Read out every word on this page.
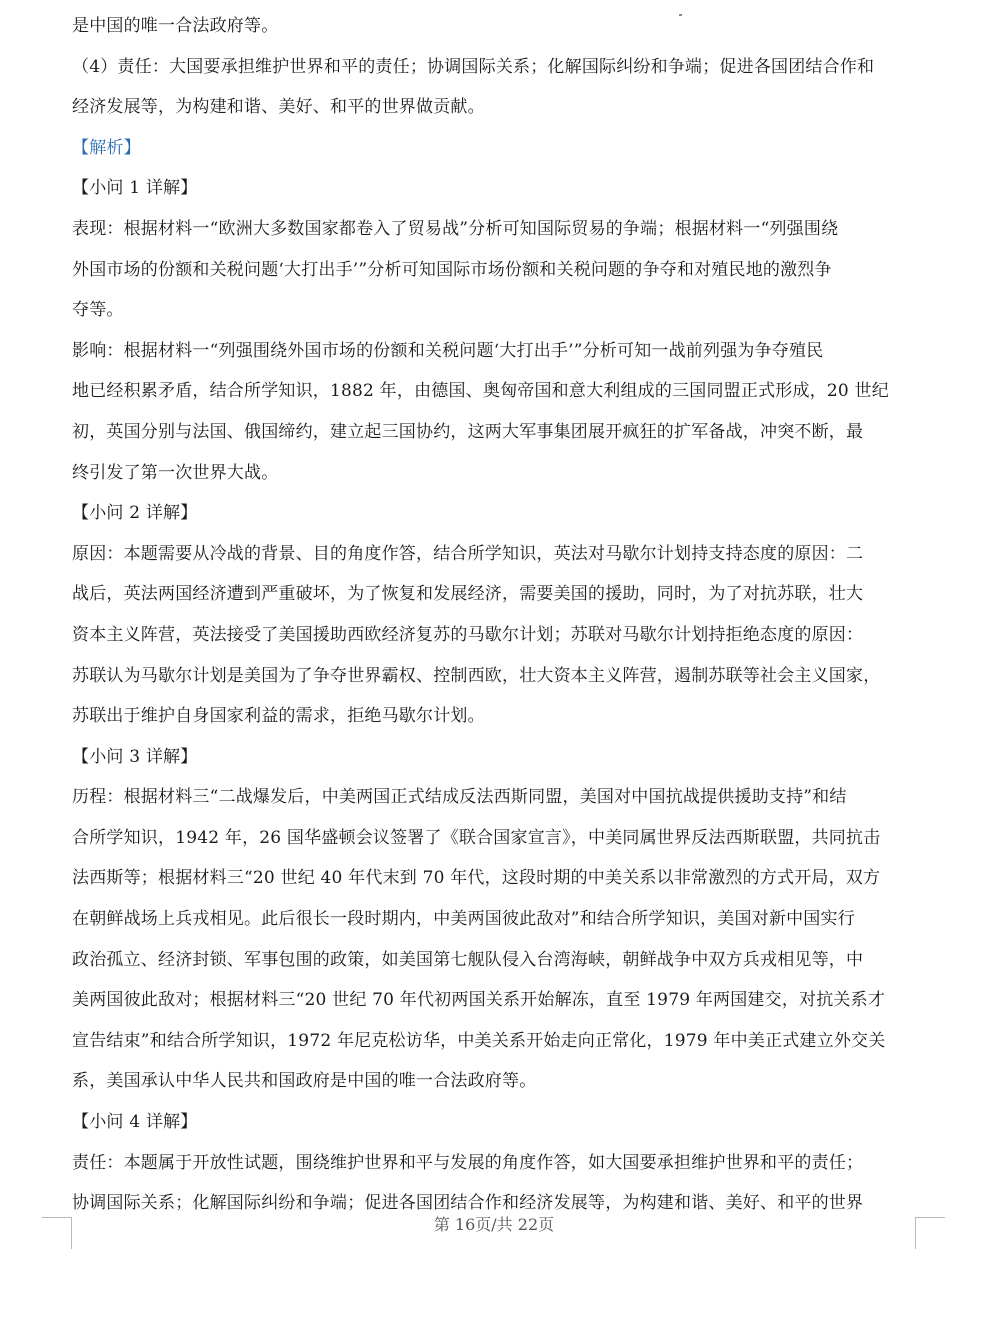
是中国的唯一合法政府等。
（4）责任：大国要承担维护世界和平的责任；协调国际关系；化解国际纠纷和争端；促进各国团结合作和
经济发展等，为构建和谐、美好、和平的世界做贡献。
【解析】
【小问 1 详解】
表现：根据材料一“欧洲大多数国家都卷入了贸易战”分析可知国际贸易的争端；根据材料一“列强围绕
外国市场的份额和关税问题‘大打出手’”分析可知国际市场份额和关税问题的争夺和对殖民地的激烈争
夺等。
影响：根据材料一“列强围绕外国市场的份额和关税问题‘大打出手’”分析可知一战前列强为争夺殖民
地已经积累矛盾，结合所学知识，1882 年，由德国、奥匈帝国和意大利组成的三国同盟正式形成，20 世纪
初，英国分别与法国、俄国缔约，建立起三国协约，这两大军事集团展开疯狂的扩军备战，冲突不断，最
终引发了第一次世界大战。
【小问 2 详解】
原因：本题需要从冷战的背景、目的角度作答，结合所学知识，英法对马歇尔计划持支持态度的原因：二
战后，英法两国经济遭到严重破坏，为了恢复和发展经济，需要美国的援助，同时，为了对抗苏联，壮大
资本主义阵营，英法接受了美国援助西欧经济复苏的马歇尔计划；苏联对马歇尔计划持拒绝态度的原因：
苏联认为马歇尔计划是美国为了争夺世界霸权、控制西欧，壮大资本主义阵营，遏制苏联等社会主义国家，
苏联出于维护自身国家利益的需求，拒绝马歇尔计划。
【小问 3 详解】
历程：根据材料三“二战爆发后，中美两国正式结成反法西斯同盟，美国对中国抗战提供援助支持”和结
合所学知识，1942 年，26 国华盛顿会议签署了《联合国家宣言》，中美同属世界反法西斯联盟，共同抗击
法西斯等；根据材料三“20 世纪 40 年代末到 70 年代，这段时期的中美关系以非常激烈的方式开局，双方
在朝鲜战场上兵戎相见。此后很长一段时期内，中美两国彼此敌对”和结合所学知识，美国对新中国实行
政治孤立、经济封锁、军事包围的政策，如美国第七舰队侵入台湾海峡，朝鲜战争中双方兵戎相见等，中
美两国彼此敌对；根据材料三“20 世纪 70 年代初两国关系开始解冻，直至 1979 年两国建交，对抗关系才
宣告结束”和结合所学知识，1972 年尼克松访华，中美关系开始走向正常化，1979 年中美正式建立外交关
系，美国承认中华人民共和国政府是中国的唯一合法政府等。
【小问 4 详解】
责任：本题属于开放性试题，围绕维护世界和平与发展的角度作答，如大国要承担维护世界和平的责任；
协调国际关系；化解国际纠纷和争端；促进各国团结合作和经济发展等，为构建和谐、美好、和平的世界
第 16页/共 22页
